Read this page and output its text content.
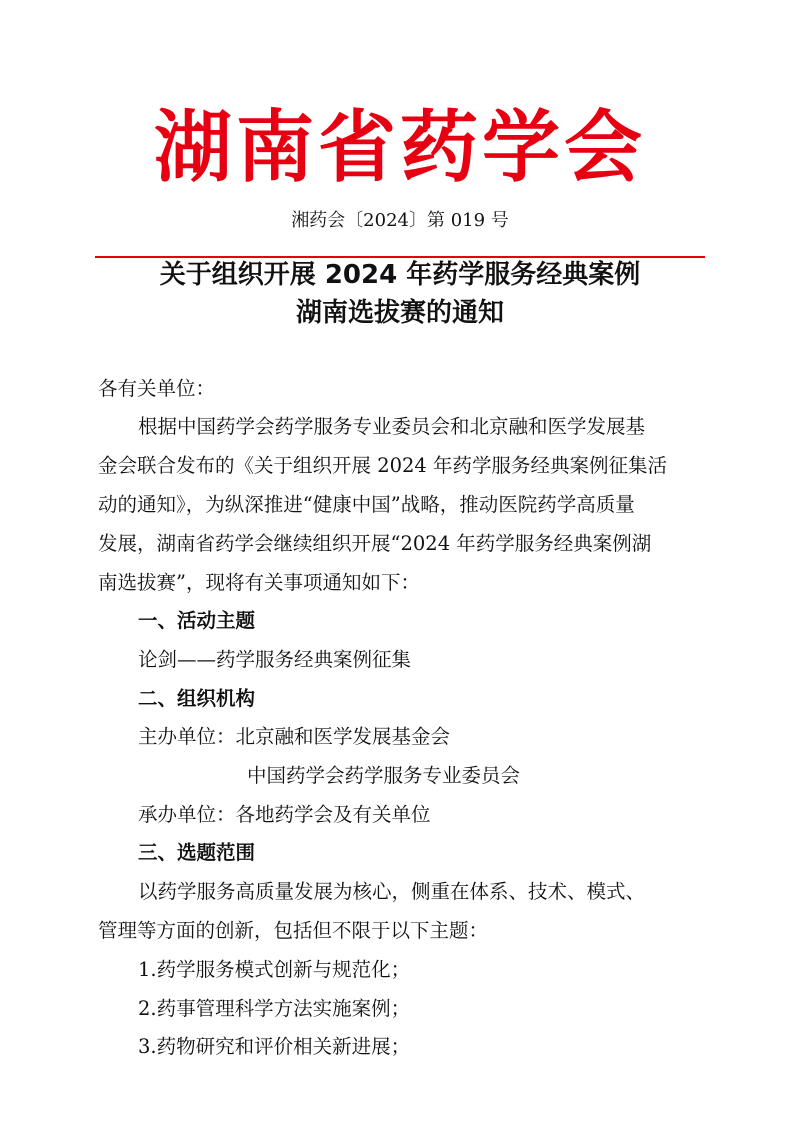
湖南省药学会

湘药会〔2024〕第 019 号

关于组织开展 2024 年药学服务经典案例
湖南选拔赛的通知

各有关单位：

根据中国药学会药学服务专业委员会和北京融和医学发展基

金会联合发布的《关于组织开展 2024 年药学服务经典案例征集活

动的通知》，为纵深推进“健康中国”战略，推动医院药学高质量

发展，湖南省药学会继续组织开展“2024 年药学服务经典案例湖

南选拔赛”，现将有关事项通知如下：

一、活动主题

论剑——药学服务经典案例征集

二、组织机构

主办单位：北京融和医学发展基金会

中国药学会药学服务专业委员会

承办单位：各地药学会及有关单位

三、选题范围

以药学服务高质量发展为核心，侧重在体系、技术、模式、

管理等方面的创新，包括但不限于以下主题：

1.药学服务模式创新与规范化；

2.药事管理科学方法实施案例；

3.药物研究和评价相关新进展；
